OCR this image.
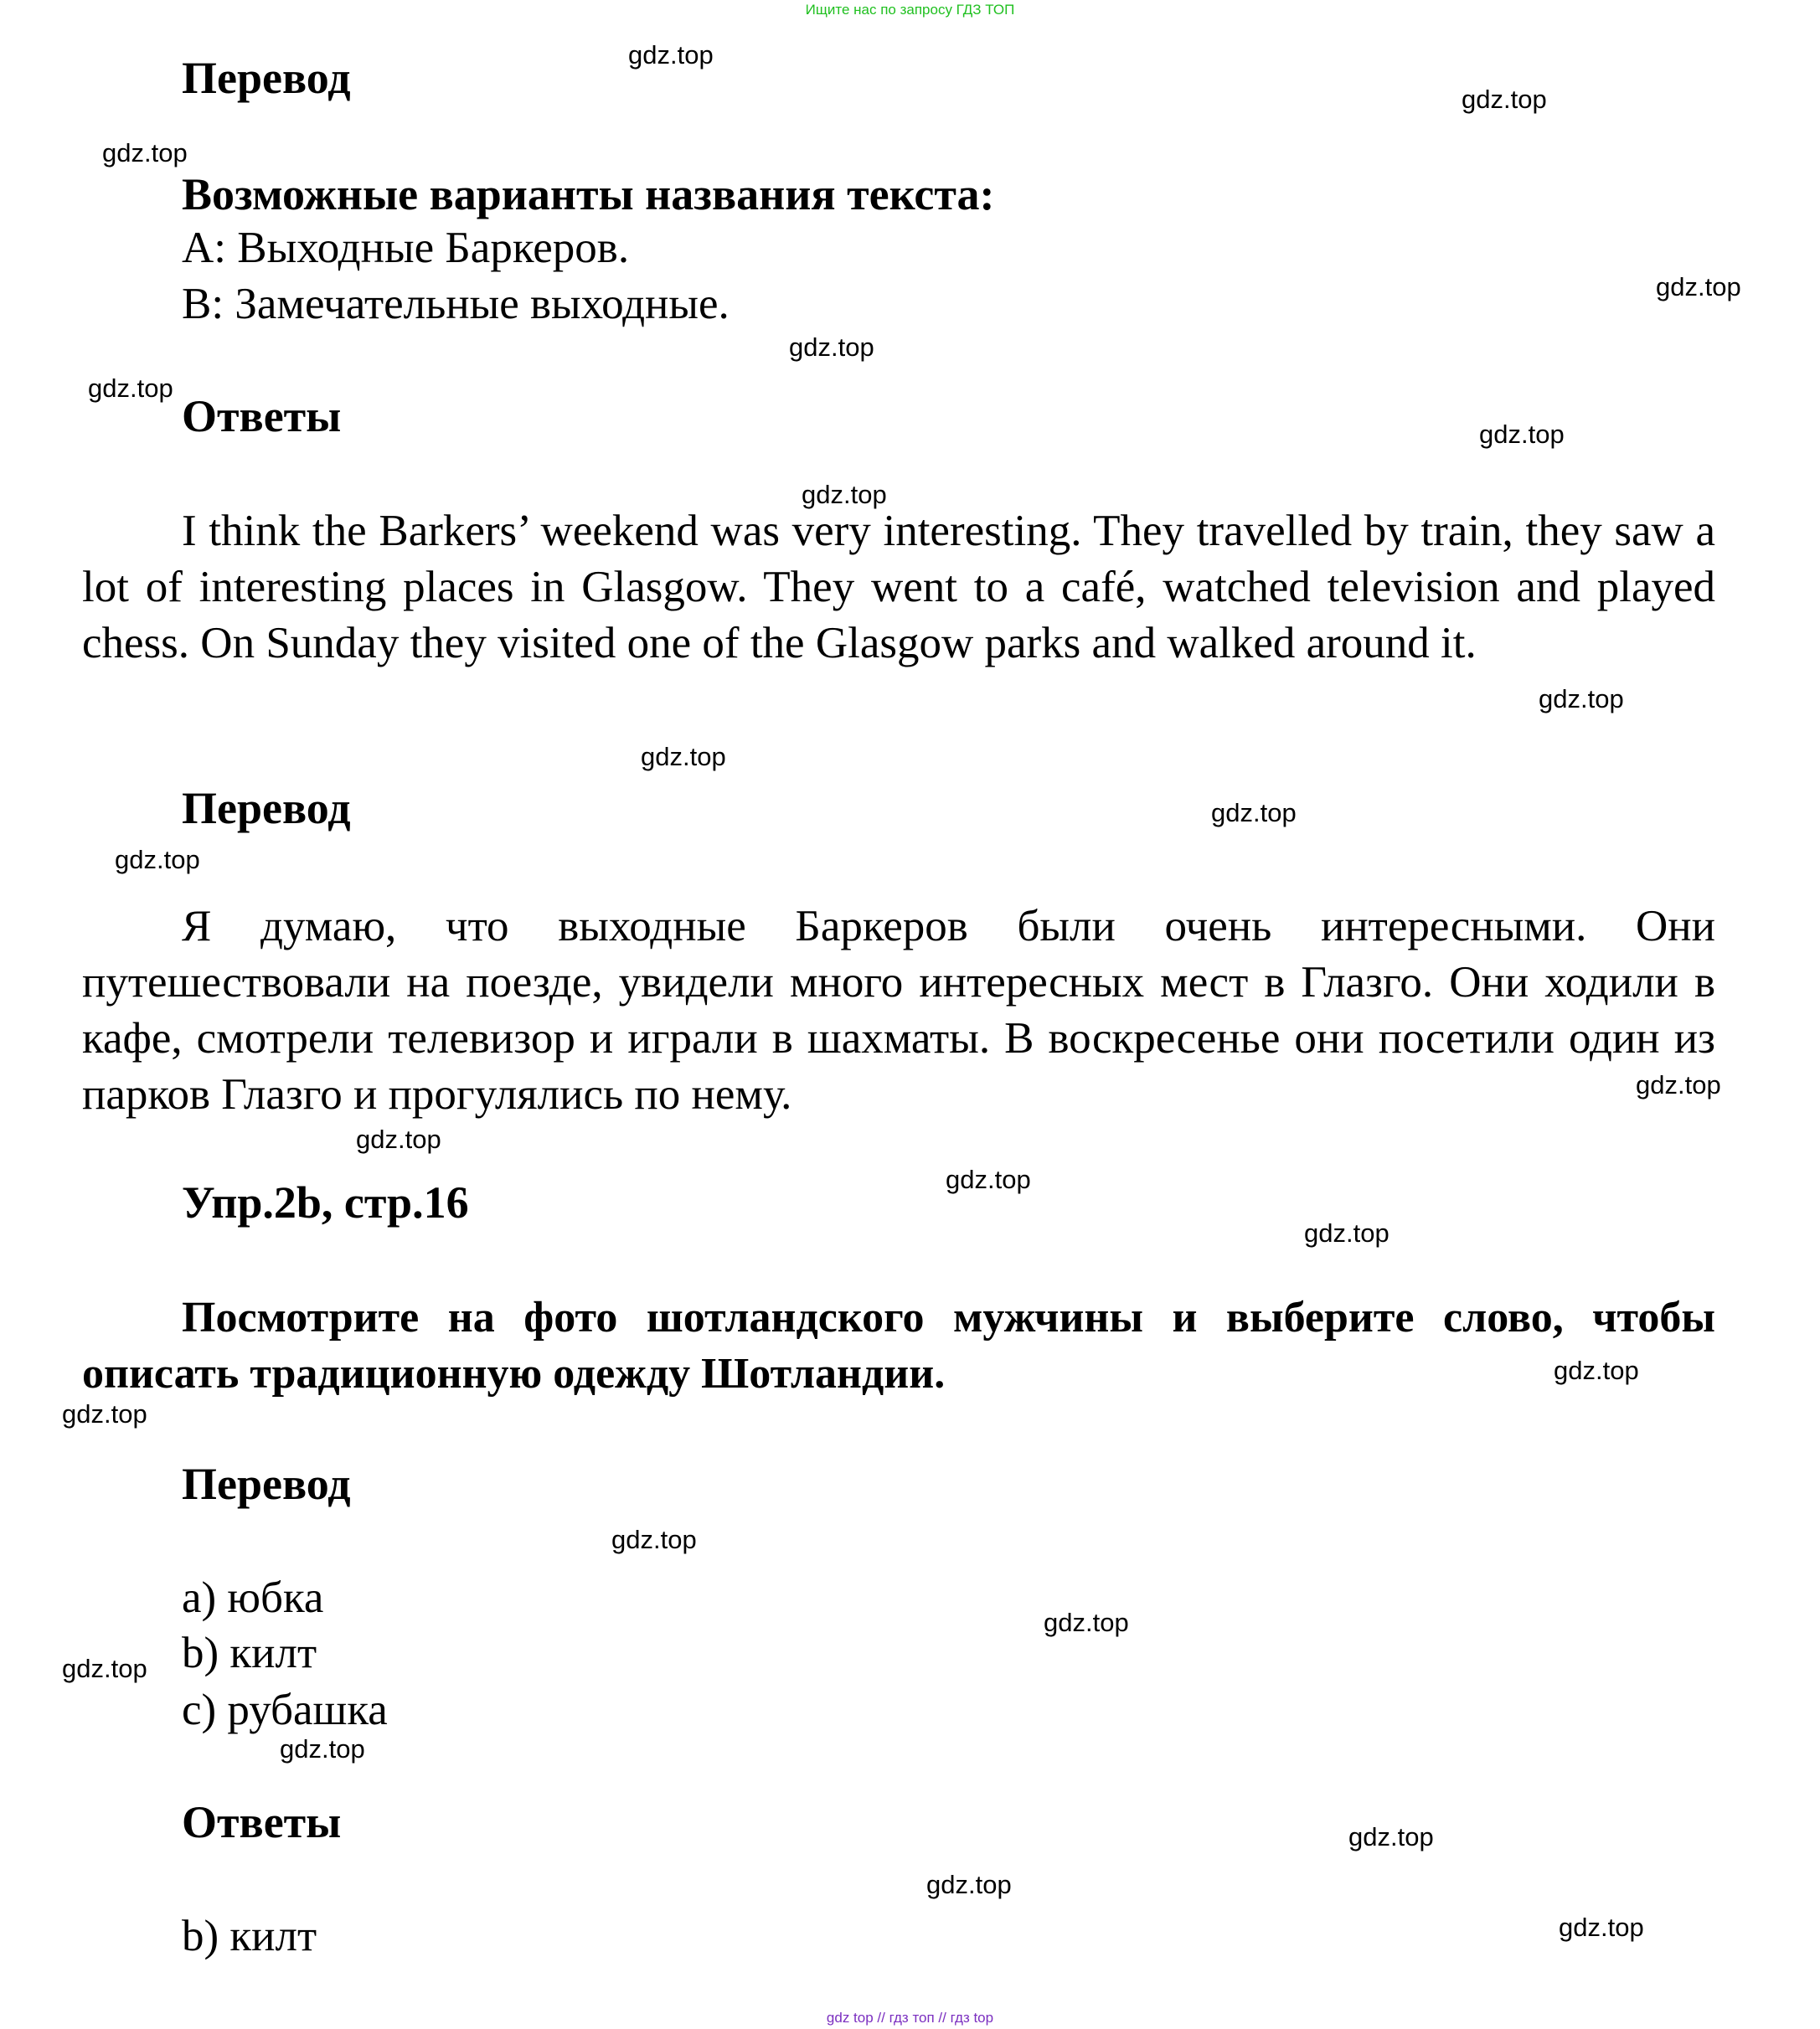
Ищите нас по запросу ГДЗ ТОП
Перевод
Возможные варианты названия текста:
A: Выходные Баркеров.
B: Замечательные выходные.
Ответы
I think the Barkers’ weekend was very interesting. They travelled by train, they saw a lot of interesting places in Glasgow. They went to a café, watched television and played chess. On Sunday they visited one of the Glasgow parks and walked around it.
Перевод
Я думаю, что выходные Баркеров были очень интересными. Они путешествовали на поезде, увидели много интересных мест в Глазго. Они ходили в кафе, смотрели телевизор и играли в шахматы. В воскресенье они посетили один из парков Глазго и прогулялись по нему.
Упр.2b, стр.16
Посмотрите на фото шотландского мужчины и выберите слово, чтобы описать традиционную одежду Шотландии.
Перевод
a) юбка
b) килт
c) рубашка
Ответы
b) килт
gdz.top
gdz.top
gdz.top
gdz.top
gdz.top
gdz.top
gdz.top
gdz.top
gdz.top
gdz.top
gdz.top
gdz.top
gdz.top
gdz.top
gdz.top
gdz.top
gdz.top
gdz.top
gdz.top
gdz.top
gdz.top
gdz.top
gdz.top
gdz.top
gdz.top
gdz top // гдз топ // гдз top
